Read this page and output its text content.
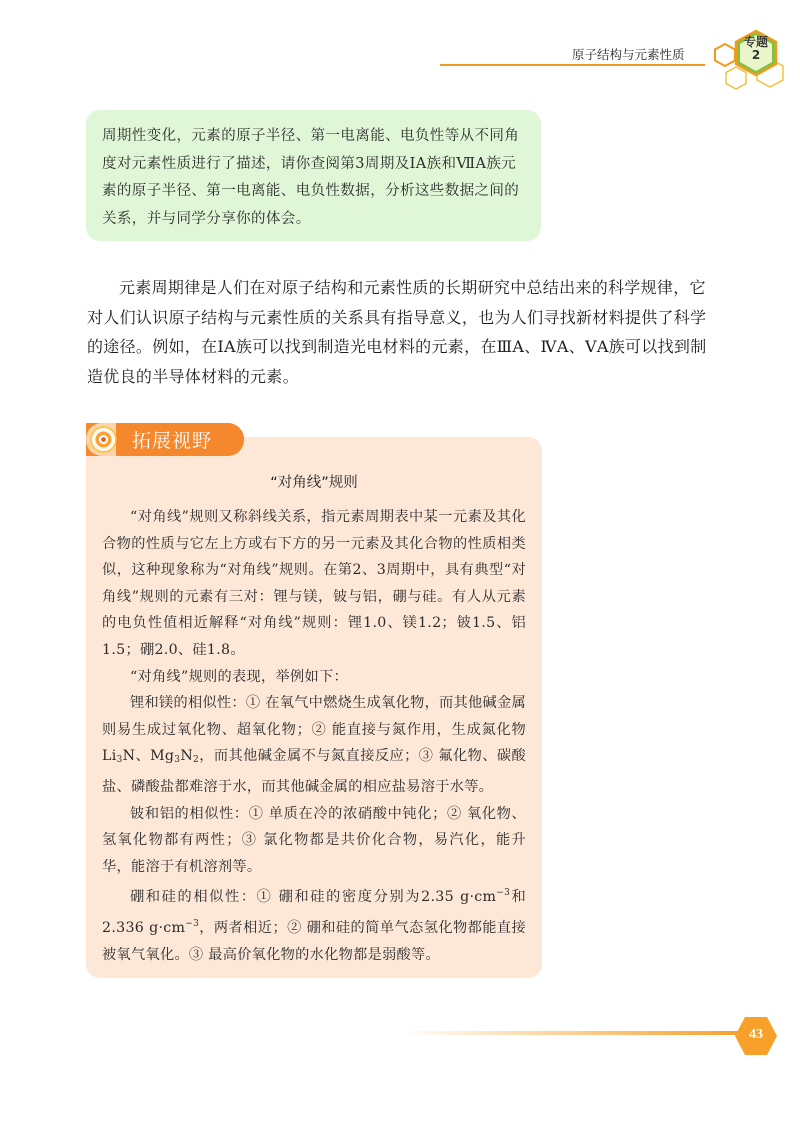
原子结构与元素性质
专题
2

周期性变化，元素的原子半径、第一电离能、电负性等从不同角度对元素性质进行了描述，请你查阅第3周期及ⅠA族和ⅦA族元素的原子半径、第一电离能、电负性数据，分析这些数据之间的关系，并与同学分享你的体会。

元素周期律是人们在对原子结构和元素性质的长期研究中总结出来的科学规律，它对人们认识原子结构与元素性质的关系具有指导意义，也为人们寻找新材料提供了科学的途径。例如，在ⅠA族可以找到制造光电材料的元素，在ⅢA、ⅣA、ⅤA族可以找到制造优良的半导体材料的元素。

拓展视野
“对角线”规则

“对角线”规则又称斜线关系，指元素周期表中某一元素及其化合物的性质与它左上方或右下方的另一元素及其化合物的性质相类似，这种现象称为“对角线”规则。在第2、3周期中，具有典型“对角线”规则的元素有三对：锂与镁，铍与铝，硼与硅。有人从元素的电负性值相近解释“对角线”规则：锂1.0、镁1.2；铍1.5、铝1.5；硼2.0、硅1.8。

“对角线”规则的表现，举例如下：

锂和镁的相似性：① 在氧气中燃烧生成氧化物，而其他碱金属则易生成过氧化物、超氧化物；② 能直接与氮作用，生成氮化物$Li_3N$、$Mg_3N_2$，而其他碱金属不与氮直接反应；③ 氟化物、碳酸盐、磷酸盐都难溶于水，而其他碱金属的相应盐易溶于水等。

铍和铝的相似性：① 单质在冷的浓硝酸中钝化；② 氧化物、氢氧化物都有两性；③ 氯化物都是共价化合物，易汽化，能升华，能溶于有机溶剂等。

硼和硅的相似性：① 硼和硅的密度分别为2.35 $g\cdot cm^{-3}$和2.336 $g\cdot cm^{-3}$，两者相近；② 硼和硅的简单气态氢化物都能直接被氧气氧化。③ 最高价氧化物的水化物都是弱酸等。

43
